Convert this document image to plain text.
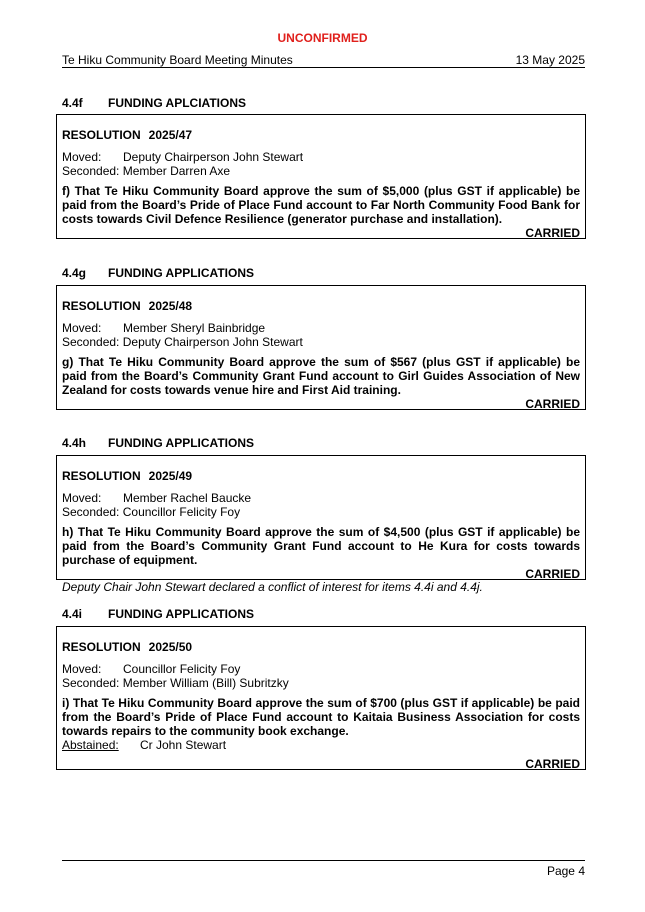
UNCONFIRMED
Te Hiku Community Board Meeting Minutes	13 May 2025
4.4f FUNDING APLCIATIONS
RESOLUTION 2025/47
Moved: Deputy Chairperson John Stewart
Seconded: Member Darren Axe
f) That Te Hiku Community Board approve the sum of $5,000 (plus GST if applicable) be paid from the Board’s Pride of Place Fund account to Far North Community Food Bank for costs towards Civil Defence Resilience (generator purchase and installation).
CARRIED
4.4g FUNDING APPLICATIONS
RESOLUTION 2025/48
Moved: Member Sheryl Bainbridge
Seconded: Deputy Chairperson John Stewart
g) That Te Hiku Community Board approve the sum of $567 (plus GST if applicable) be paid from the Board’s Community Grant Fund account to Girl Guides Association of New Zealand for costs towards venue hire and First Aid training.
CARRIED
4.4h FUNDING APPLICATIONS
RESOLUTION 2025/49
Moved: Member Rachel Baucke
Seconded: Councillor Felicity Foy
h) That Te Hiku Community Board approve the sum of $4,500 (plus GST if applicable) be paid from the Board’s Community Grant Fund account to He Kura for costs towards purchase of equipment.
CARRIED
Deputy Chair John Stewart declared a conflict of interest for items 4.4i and 4.4j.
4.4i FUNDING APPLICATIONS
RESOLUTION 2025/50
Moved: Councillor Felicity Foy
Seconded: Member William (Bill) Subritzky
i) That Te Hiku Community Board approve the sum of $700 (plus GST if applicable) be paid from the Board’s Pride of Place Fund account to Kaitaia Business Association for costs towards repairs to the community book exchange.
Abstained: Cr John Stewart
CARRIED
Page 4
